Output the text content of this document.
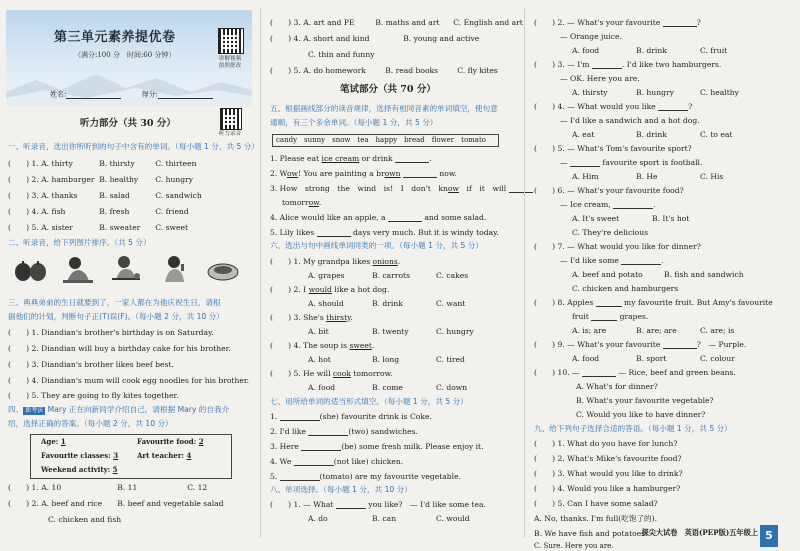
第三单元素养提优卷
（满分:100 分　时间:60 分钟）	讲解视频
拍照批改
姓名:	得分:
听力部分（共 30 分）
听力录音
一、听录音，选出你所听到的句子中含有的单词。（每小题 1 分，共 5 分）
(　　) 1. A. thirty	B. thirsty	C. thirteen
(　　) 2. A. hamburger B. healthy C. hungry
(　　) 3. A. thanks	B. salad	C. sandwich
(　　) 4. A. fish	B. fresh	C. friend
(　　) 5. A. sister	B. sweater C. sweet
二、听录音，给下列图片排序。（共 5 分）
三、典典弟弟的生日就要到了，一家人都在为他庆祝生日，请根
据他们的计划，判断句子正(T)误(F)。（每小题 2 分，共 10 分）
(　　) 1. Diandian's brother's birthday is on Saturday.
(　　) 2. Diandian will buy a birthday cake for his brother.
(　　) 3. Diandian's brother likes beef best.
(　　) 4. Diandian's mum will cook egg noodles for his brother.
(　　) 5. They are going to fly kites together.
四、 新考法 Mary 正在向新同学介绍自己，请根据 Mary 的自我介
绍，选择正确的答案。（每小题 2 分，共 10 分）
Age: 1	Favourite food: 2
Favourite classes: 3	Art teacher: 4
Weekend activity: 5
(　　) 1. A. 10	B. 11	C. 12
(　　) 2. A. beef and rice B. beef and vegetable salad
C. chicken and fish
(　　) 3. A. art and PE	B. maths and art C. English and art
(　　) 4. A. short and kind	B. young and active
C. thin and funny
(　　) 5. A. do homework	B. read books	C. fly kites
笔试部分（共 70 分）
五、根据画线部分的读音规律，选择有相同音素的单词填空，使句意
通顺，有三个多余单词。（每小题 1 分，共 5 分）
candy　sunny　snow　tea　happy　bread　flower　tomato
1. Please eat ice cream or drink	.
2. Wow! You are painting a brown	now.
3. How　strong　the　wind　is!　I　don't　know　if　it　will
tomorrow.
4. Alice would like an apple, a	and some salad.
5. Lily likes	days very much. But it is windy today.
六、选出与句中画线单词同类的一项。（每小题 1 分，共 5 分）
(　　) 1. My grandpa likes onions.
A. grapes	B. carrots	C. cakes
(　　) 2. I would like a hot dog.
A. should	B. drink	C. want
(　　) 3. She's thirsty.
A. bit	B. twenty	C. hungry
(　　) 4. The soup is sweet.
A. hot	B. long	C. tired
(　　) 5. He will cook tomorrow.
A. food	B. come	C. down
七、用所给单词的适当形式填空。（每小题 1 分，共 5 分）
1.	(she) favourite drink is Coke.
2. I'd like	(two) sandwiches.
3. Here	(be) some fresh milk. Please enjoy it.
4. We	(not like) chicken.
5.	(tomato) are my favourite vegetable.
八、单项选择。（每小题 1 分，共 10 分）
(　　) 1. — What	you like?　— I'd like some tea.
A. do	B. can	C. would
(　　) 2. — What's your favourite	?
— Orange juice.
A. food	B. drink	C. fruit
(　　) 3. — I'm	. I'd like two hamburgers.
— OK. Here you are.
A. thirsty	B. hungry	C. healthy
(　　) 4. — What would you like	?
— I'd like a sandwich and a hot dog.
A. eat	B. drink	C. to eat
(　　) 5. — What's Tom's favourite sport?
—	favourite sport is football.
A. Him	B. He	C. His
(　　) 6. — What's your favourite food?
— Ice cream,	.
A. It's sweet	B. It's hot
C. They're delicious
(　　) 7. — What would you like for dinner?
— I'd like some	.
A. beef and potato	B. fish and sandwich
C. chicken and hamburgers
(　　) 8. Apples	my favourite fruit. But Amy's favourite
fruit	grapes.
A. is; are	B. are; are	C. are; is
(　　) 9. — What's your favourite	?　— Purple.
A. food	B. sport	C. colour
(　　) 10. —	— Rice, beef and green beans.
A. What's for dinner?
B. What's your favourite vegetable?
C. Would you like to have dinner?
九、给下列句子选择合适的答语。（每小题 1 分，共 5 分）
(　　) 1. What do you have for lunch?
(　　) 2. What's Mike's favourite food?
(　　) 3. What would you like to drink?
(　　) 4. Would you like a hamburger?
(　　) 5. Can I have some salad?
A. No, thanks. I'm full(吃饱了的).
B. We have fish and potatoes.
C. Sure. Here you are.
探尖大试卷　英语(PEP版)五年级上 5
